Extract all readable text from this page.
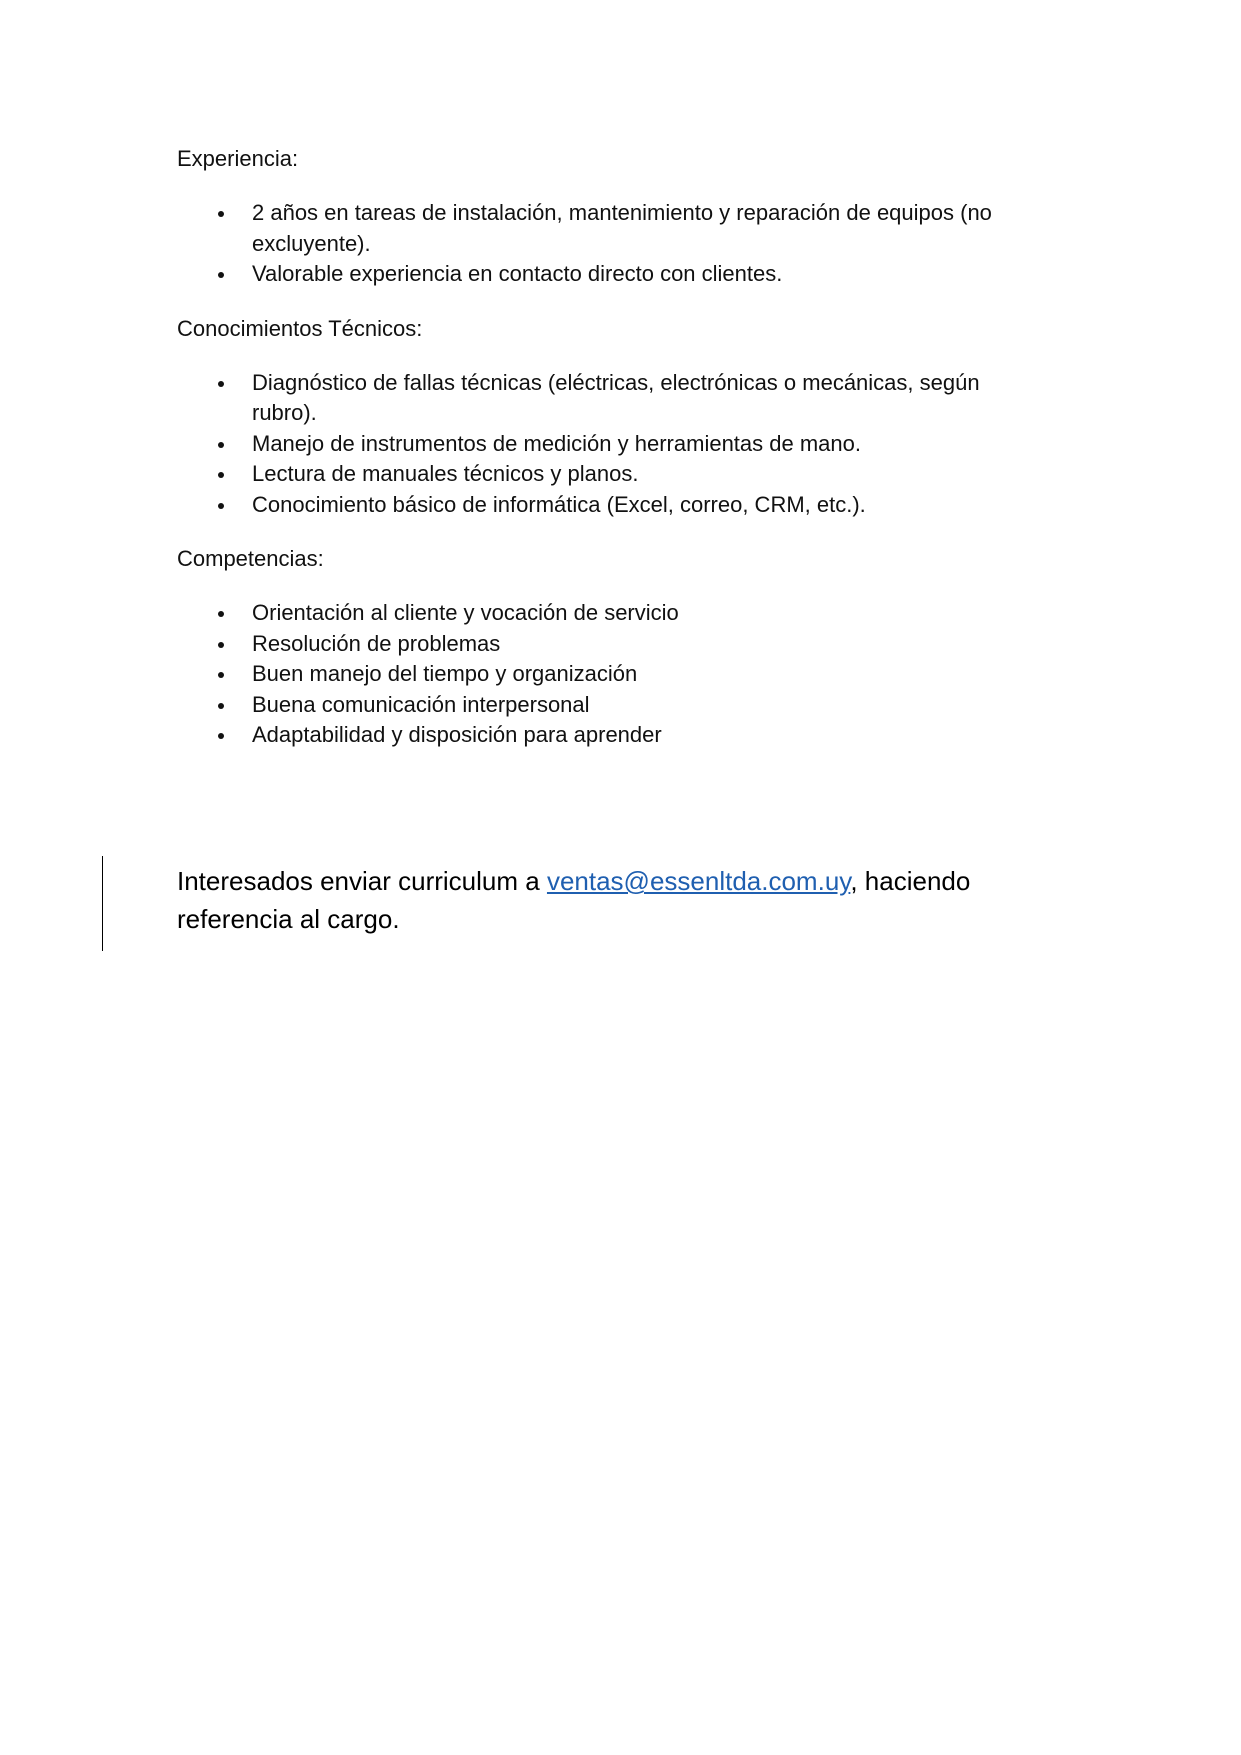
Experiencia:
2 años en tareas de instalación, mantenimiento y reparación de equipos (no excluyente).
Valorable experiencia en contacto directo con clientes.
Conocimientos Técnicos:
Diagnóstico de fallas técnicas (eléctricas, electrónicas o mecánicas, según rubro).
Manejo de instrumentos de medición y herramientas de mano.
Lectura de manuales técnicos y planos.
Conocimiento básico de informática (Excel, correo, CRM, etc.).
Competencias:
Orientación al cliente y vocación de servicio
Resolución de problemas
Buen manejo del tiempo y organización
Buena comunicación interpersonal
Adaptabilidad y disposición para aprender
Interesados enviar curriculum a ventas@essenltda.com.uy, haciendo referencia al cargo.
